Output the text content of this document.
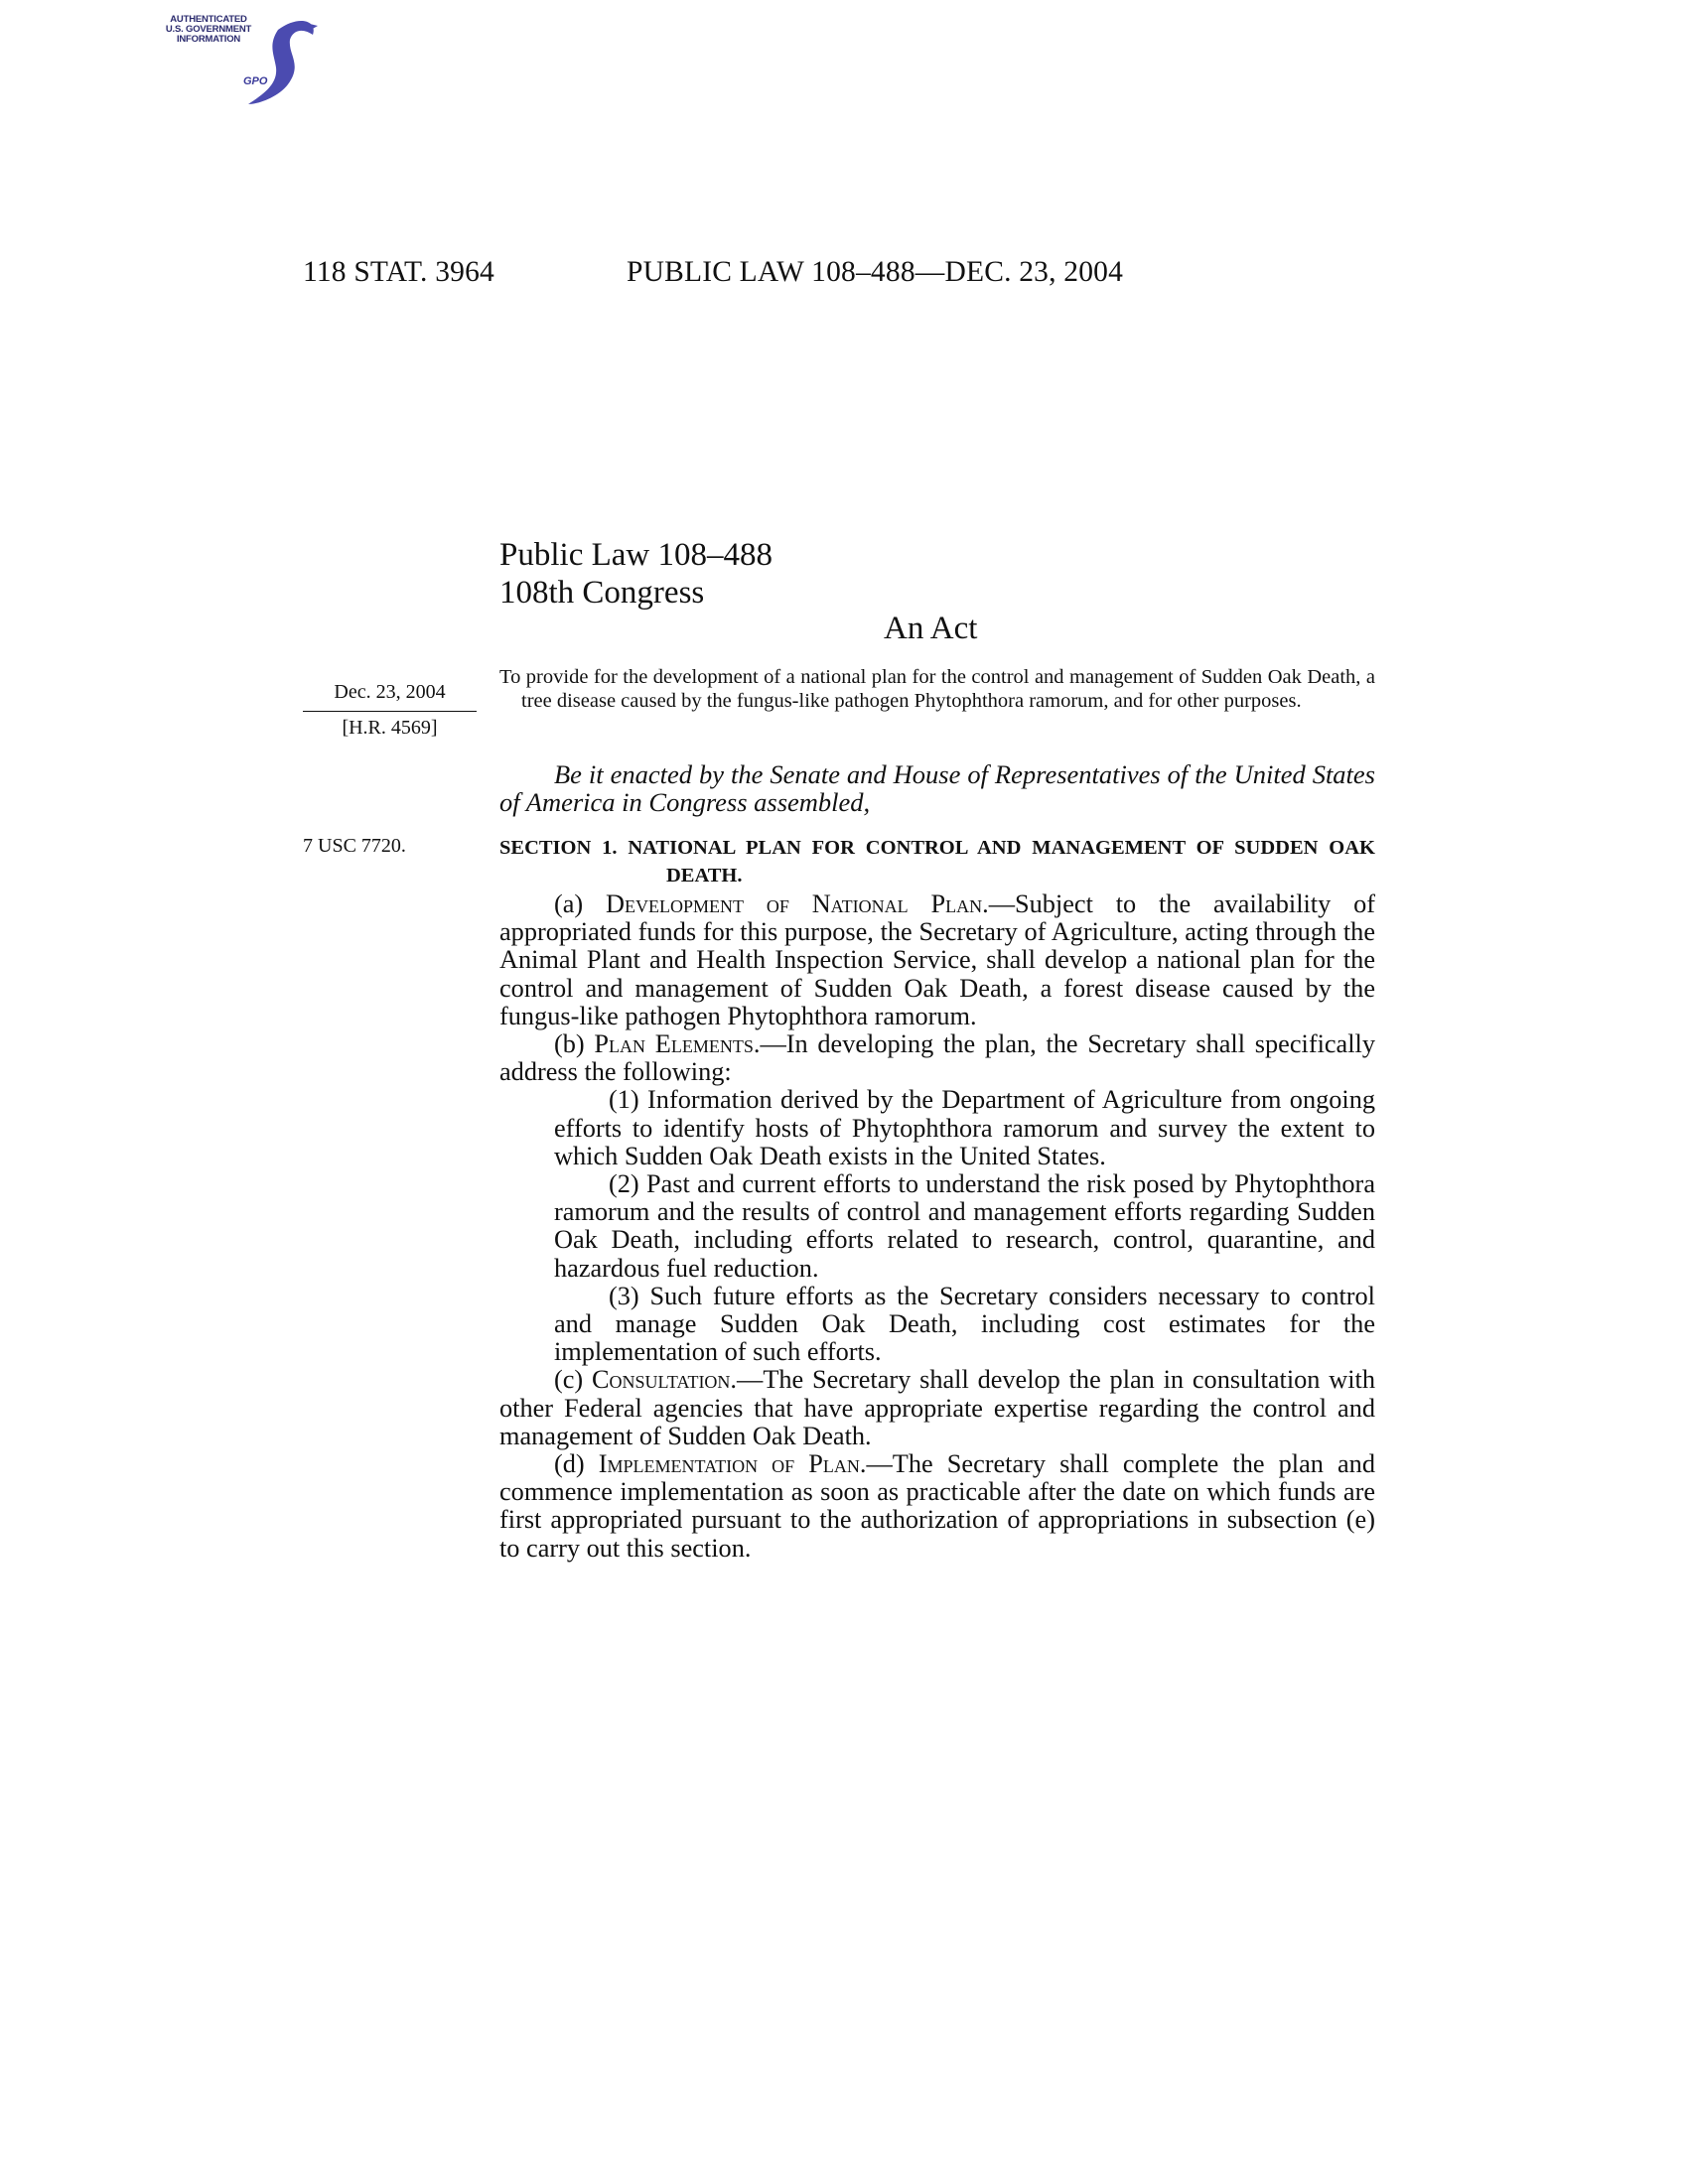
AUTHENTICATED
U.S. GOVERNMENT
INFORMATION
GPO
118 STAT. 3964	PUBLIC LAW 108–488—DEC. 23, 2004
Public Law 108–488
108th Congress
An Act
Dec. 23, 2004
[H.R. 4569]
7 USC 7720.
To provide for the development of a national plan for the control and management of Sudden Oak Death, a tree disease caused by the fungus-like pathogen Phytophthora ramorum, and for other purposes.
Be it enacted by the Senate and House of Representatives of the United States of America in Congress assembled,
SECTION 1. NATIONAL PLAN FOR CONTROL AND MANAGEMENT OF SUDDEN OAK DEATH.

(a) Development of National Plan.—Subject to the availability of appropriated funds for this purpose, the Secretary of Agriculture, acting through the Animal Plant and Health Inspection Service, shall develop a national plan for the control and management of Sudden Oak Death, a forest disease caused by the fungus-like pathogen Phytophthora ramorum.

(b) Plan Elements.—In developing the plan, the Secretary shall specifically address the following:

(1) Information derived by the Department of Agriculture from ongoing efforts to identify hosts of Phytophthora ramorum and survey the extent to which Sudden Oak Death exists in the United States.

(2) Past and current efforts to understand the risk posed by Phytophthora ramorum and the results of control and management efforts regarding Sudden Oak Death, including efforts related to research, control, quarantine, and hazardous fuel reduction.

(3) Such future efforts as the Secretary considers necessary to control and manage Sudden Oak Death, including cost estimates for the implementation of such efforts.

(c) Consultation.—The Secretary shall develop the plan in consultation with other Federal agencies that have appropriate expertise regarding the control and management of Sudden Oak Death.

(d) Implementation of Plan.—The Secretary shall complete the plan and commence implementation as soon as practicable after the date on which funds are first appropriated pursuant to the authorization of appropriations in subsection (e) to carry out this section.
